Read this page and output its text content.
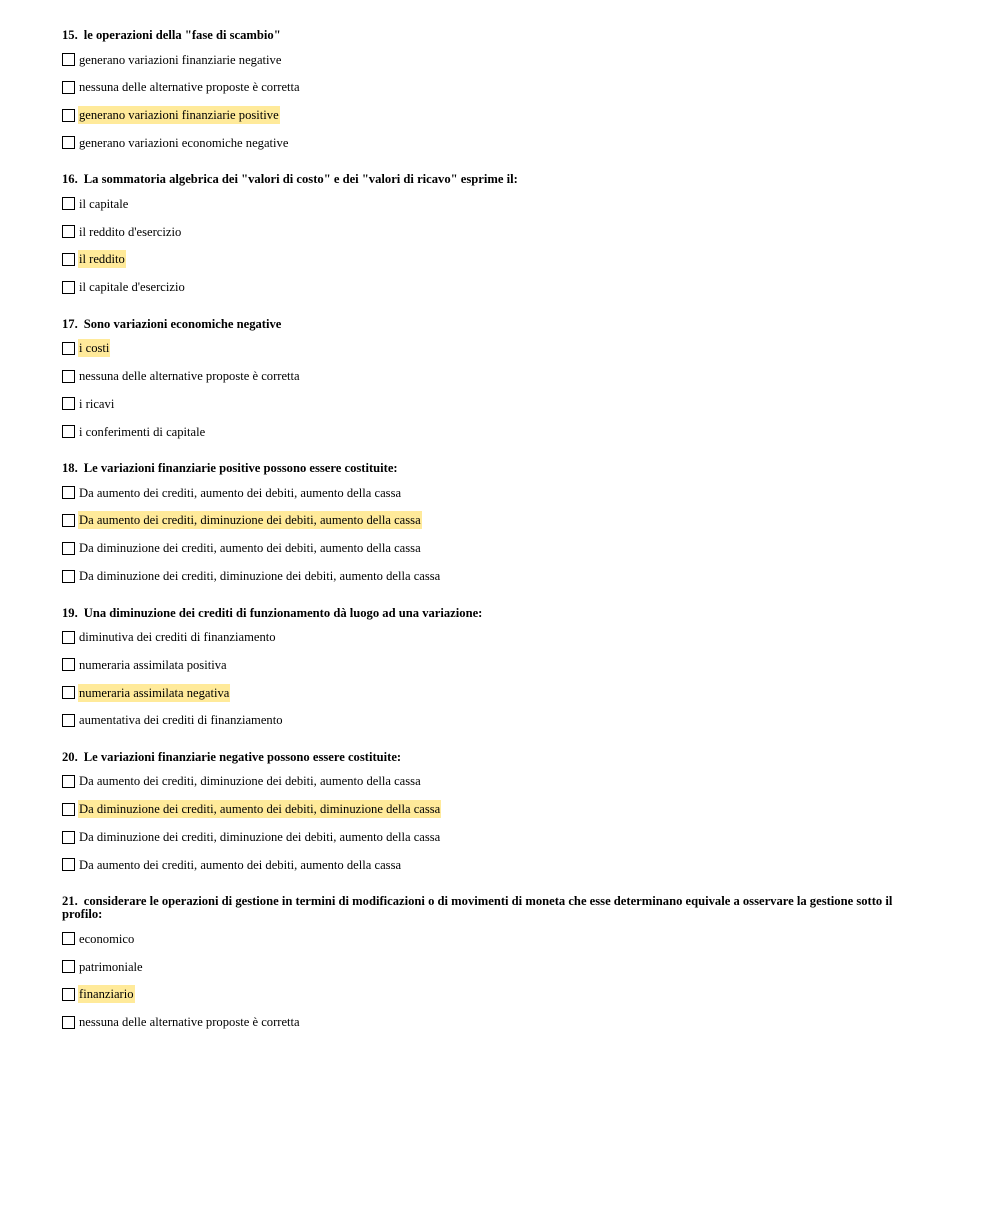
15. le operazioni della "fase di scambio"
generano variazioni finanziarie negative
nessuna delle alternative proposte è corretta
generano variazioni finanziarie positive
generano variazioni economiche negative
16. La sommatoria algebrica dei "valori di costo" e dei "valori di ricavo" esprime il:
il capitale
il reddito d'esercizio
il reddito
il capitale d'esercizio
17. Sono variazioni economiche negative
i costi
nessuna delle alternative proposte è corretta
i ricavi
i conferimenti di capitale
18. Le variazioni finanziarie positive possono essere costituite:
Da aumento dei crediti, aumento dei debiti, aumento della cassa
Da aumento dei crediti, diminuzione dei debiti, aumento della cassa
Da diminuzione dei crediti, aumento dei debiti, aumento della cassa
Da diminuzione dei crediti, diminuzione dei debiti, aumento della cassa
19. Una diminuzione dei crediti di funzionamento dà luogo ad una variazione:
diminutiva dei crediti di finanziamento
numeraria assimilata positiva
numeraria assimilata negativa
aumentativa dei crediti di finanziamento
20. Le variazioni finanziarie negative possono essere costituite:
Da aumento dei crediti, diminuzione dei debiti, aumento della cassa
Da diminuzione dei crediti, aumento dei debiti, diminuzione della cassa
Da diminuzione dei crediti, diminuzione dei debiti, aumento della cassa
Da aumento dei crediti, aumento dei debiti, aumento della cassa
21. considerare le operazioni di gestione in termini di modificazioni o di movimenti di moneta che esse determinano equivale a osservare la gestione sotto il profilo:
economico
patrimoniale
finanziario
nessuna delle alternative proposte è corretta
